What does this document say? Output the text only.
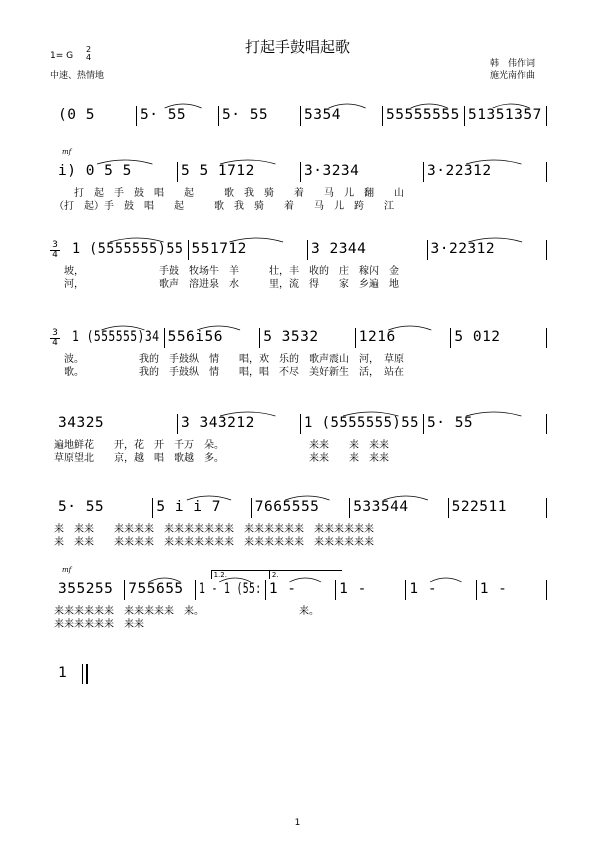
打起手鼓唱起歌
1= G
2
4
中速、热情地
韩　伟作词
施光南作曲
(0 5	5· 55 5· 55 5354	55555555 51351357
i) 0 5 5	5 5 1712	3·3234	3·22312
　　打　起　手　鼓　唱　　起　　　歌　我　骑　　着　　马　儿　翻　　山
（打　起）手　鼓　唱　　起　　　歌　我　骑　　着　　马　儿　跨　　江
mf
3
4 1 (5555555)55 551712	3 2344	3·22312
　坡，　　　　　　　　手鼓　牧场牛　羊　　　壮，丰　收的　庄　稼闪　金
　河，　　　　　　　　歌声　溶进泉　水　　　里，流　得　　家　乡遍　地
3
4 1 (555555)34 556i56	5 3532	1216	5 012
　波。　　　　　　我的　手鼓纵　情　　唱，欢　乐的　歌声震山　河，　草原
　歌。　　　　　　我的　手鼓纵　情　　唱，唱　不尽　美好新生　活，　站在
34325	3 343212	1 (5555555)55 5· 55
遍地鲜花　　开，花　开　千万　朵。　　　　　　　　　来来　　来　来来
草原望北　　京，越　唱　歌越　多。　　　　　　　　　来来　　来　来来
5· 55	5 i i 7 7665555 533544	522511
来　来来　　来来来来　来来来来来来来　来来来来来来　来来来来来来
来　来来　　来来来来　来来来来来来来　来来来来来来　来来来来来来
355255 755655 1 - 1 (55: 1 -	1 -	1 -	1 -
来来来来来来　来来来来来　来。　　　　　　　　　　来。
来来来来来来　来来
mf
1.2.	2.
1
1
